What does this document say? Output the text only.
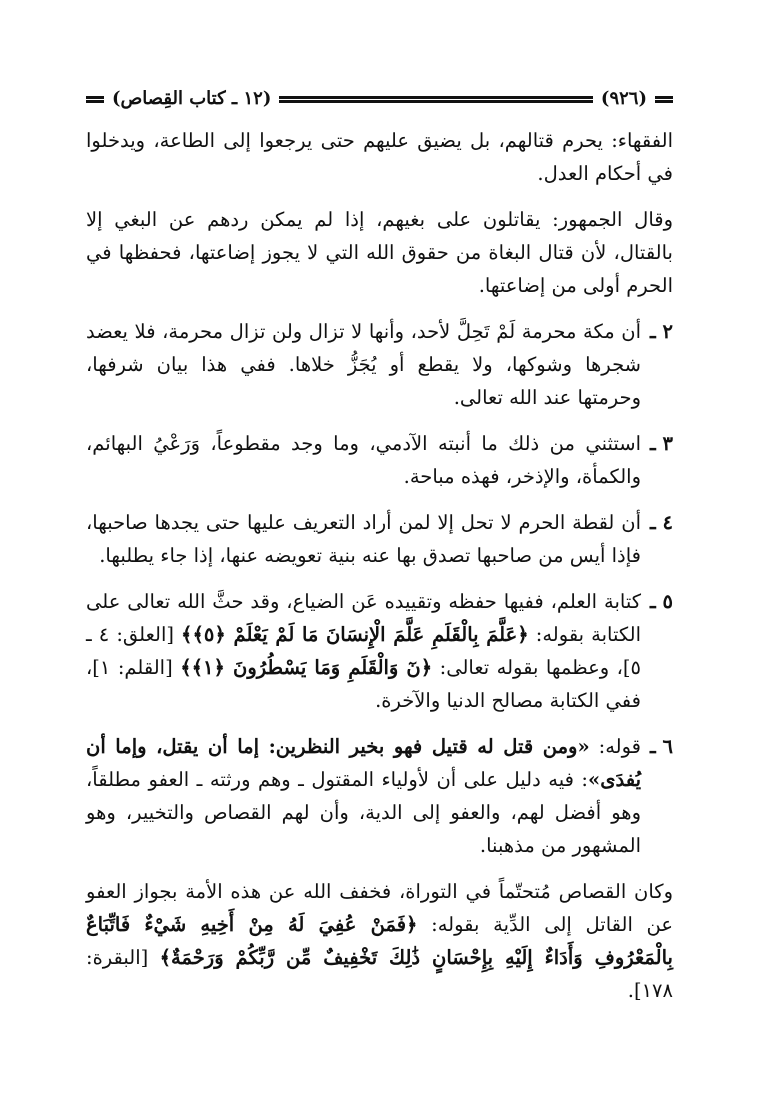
(٩٢٦)
(١٢ ـ كتاب القِصاص)

الفقهاء: يحرم قتالهم، بل يضيق عليهم حتى يرجعوا إلى الطاعة، ويدخلوا في أحكام العدل.

وقال الجمهور: يقاتلون على بغيهم، إذا لم يمكن ردهم عن البغي إلا بالقتال، لأن قتال البغاة من حقوق الله التي لا يجوز إضاعتها، فحفظها في الحرم أولى من إضاعتها.

٢ ـ
أن مكة محرمة لَمْ تَحِلَّ لأحد، وأنها لا تزال ولن تزال محرمة، فلا يعضد شجرها وشوكها، ولا يقطع أو يُجَزُّ خلاها. ففي هذا بيان شرفها، وحرمتها عند الله تعالى.
٣ ـ
استثني من ذلك ما أنبته الآدمي، وما وجد مقطوعاً، وَرَعْيُ البهائم، والكمأة، والإذخر، فهذه مباحة.
٤ ـ
أن لقطة الحرم لا تحل إلا لمن أراد التعريف عليها حتى يجدها صاحبها، فإذا أيس من صاحبها تصدق بها عنه بنية تعويضه عنها، إذا جاء يطلبها.
٥ ـ
كتابة العلم، ففيها حفظه وتقييده عَن الضياع، وقد حثَّ الله تعالى على الكتابة بقوله: ﴿عَلَّمَ بِالْقَلَمِ عَلَّمَ الْإِنسَانَ مَا لَمْ يَعْلَمْ ﴿٥﴾﴾ [العلق: ٤ ـ ٥]، وعظمها بقوله تعالى: ﴿نٓ وَالْقَلَمِ وَمَا يَسْطُرُونَ ﴿١﴾﴾ [القلم: ١]، ففي الكتابة مصالح الدنيا والآخرة.
٦ ـ
قوله: «ومن قتل له قتيل فهو بخير النظرين: إما أن يقتل، وإما أن يُفدَى»: فيه دليل على أن لأولياء المقتول ـ وهم ورثته ـ العفو مطلقاً، وهو أفضل لهم، والعفو إلى الدية، وأن لهم القصاص والتخيير، وهو المشهور من مذهبنا.

وكان القصاص مُتحتّماً في التوراة، فخفف الله عن هذه الأمة بجواز العفو عن القاتل إلى الدِّية بقوله: ﴿فَمَنْ عُفِيَ لَهُ مِنْ أَخِيهِ شَيْءٌ فَاتِّبَاعٌ بِالْمَعْرُوفِ وَأَدَاءٌ إِلَيْهِ بِإِحْسَانٍ ذَٰلِكَ تَخْفِيفٌ مِّن رَّبِّكُمْ وَرَحْمَةٌ﴾ [البقرة: ١٧٨].
